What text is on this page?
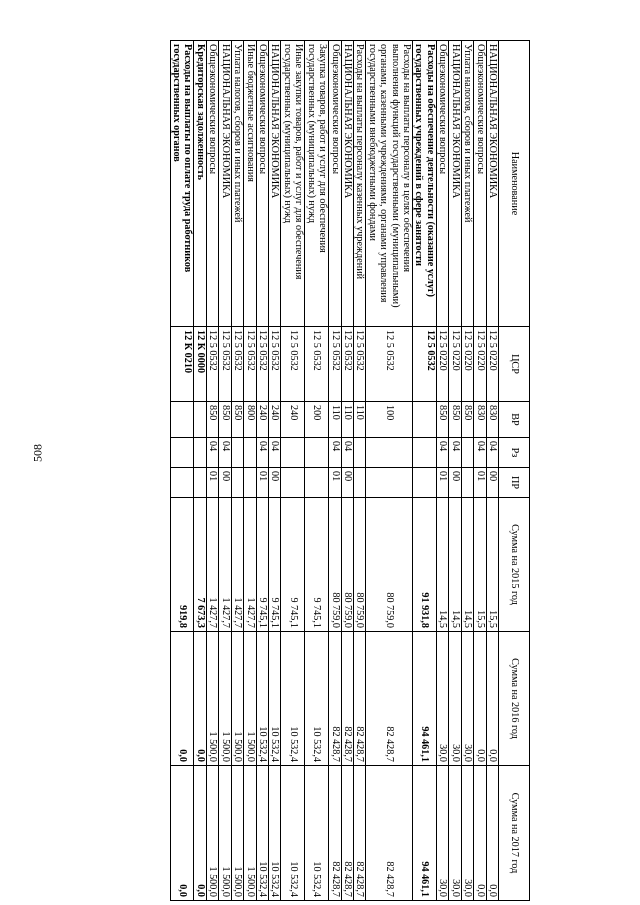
508
Наименование	ЦСР	ВР	Рз	ПР	Сумма на 2015 год	Сумма на 2016 год	Сумма на 2017 год
НАЦИОНАЛЬНАЯ ЭКОНОМИКА	12 5 0220	830	04	00	15,5	0,0	0,0
Общеэкономические вопросы	12 5 0220	830	04	01	15,5	0,0	0,0
Уплата налогов, сборов и иных платежей	12 5 0220	850			14,5	30,0	30,0
НАЦИОНАЛЬНАЯ ЭКОНОМИКА	12 5 0220	850	04	00	14,5	30,0	30,0
Общеэкономические вопросы	12 5 0220	850	04	01	14,5	30,0	30,0
Расходы на обеспечение деятельности (оказание услуг) государственных учреждений в сфере занятости	12 5 0532				91 931,8	94 461,1	94 461,1
Расходы на выплаты персоналу в целях обеспечения выполнения функций государственными (муниципальными) органами, казенными учреждениями, органами управления государственными внебюджетными фондами	12 5 0532	100			80 759,0	82 428,7	82 428,7
Расходы на выплаты персоналу казенных учреждений	12 5 0532	110			80 759,0	82 428,7	82 428,7
НАЦИОНАЛЬНАЯ ЭКОНОМИКА	12 5 0532	110	04	00	80 759,0	82 428,7	82 428,7
Общеэкономические вопросы	12 5 0532	110	04	01	80 759,0	82 428,7	82 428,7
Закупка товаров, работ и услуг для обеспечения государственных (муниципальных) нужд	12 5 0532	200			9 745,1	10 532,4	10 532,4
Иные закупки товаров, работ и услуг для обеспечения государственных (муниципальных) нужд	12 5 0532	240			9 745,1	10 532,4	10 532,4
НАЦИОНАЛЬНАЯ ЭКОНОМИКА	12 5 0532	240	04	00	9 745,1	10 532,4	10 532,4
Общеэкономические вопросы	12 5 0532	240	04	01	9 745,1	10 532,4	10 532,4
Иные бюджетные ассигнования	12 5 0532	800			1 427,7	1 500,0	1 500,0
Уплата налогов, сборов и иных платежей	12 5 0532	850			1 427,7	1 500,0	1 500,0
НАЦИОНАЛЬНАЯ ЭКОНОМИКА	12 5 0532	850	04	00	1 427,7	1 500,0	1 500,0
Общеэкономические вопросы	12 5 0532	850	04	01	1 427,7	1 500,0	1 500,0
Кредиторская задолженность	12 К 0000				7 673,3	0,0	0,0
Расходы на выплаты по оплате труда работников государственных органов	12 К 0210				919,8	0,0	0,0
